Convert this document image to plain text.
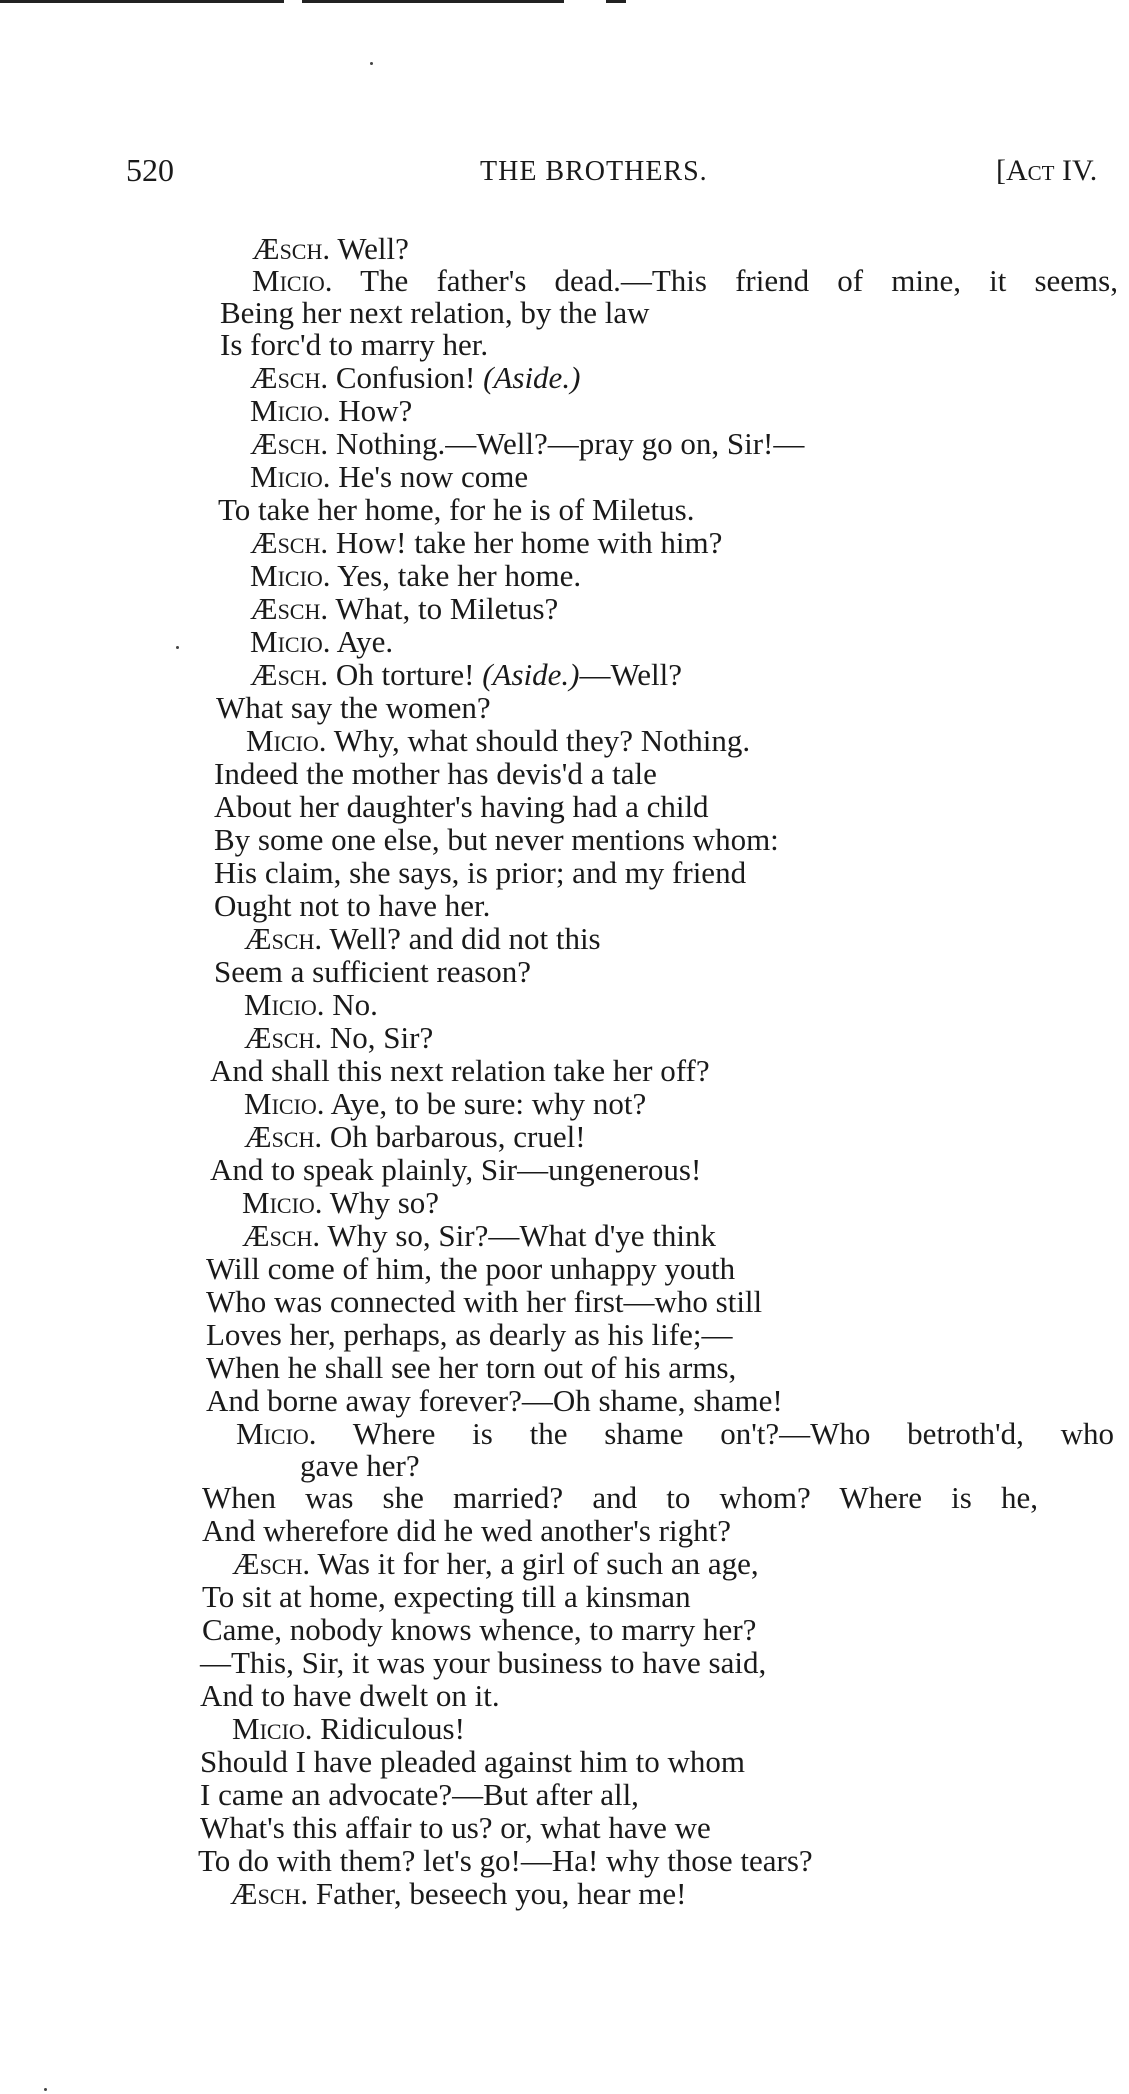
520	THE BROTHERS.	[Act IV.
Æsch. Well?
Micio. The father's dead.—This friend of mine, it seems,
Being her next relation, by the law
Is forc'd to marry her.
Æsch. Confusion! (Aside.)
Micio. How?
Æsch. Nothing.—Well?—pray go on, Sir!—
Micio. He's now come
To take her home, for he is of Miletus.
Æsch. How! take her home with him?
Micio. Yes, take her home.
Æsch. What, to Miletus?
Micio. Aye.
Æsch. Oh torture! (Aside.)—Well?
What say the women?
Micio. Why, what should they? Nothing.
Indeed the mother has devis'd a tale
About her daughter's having had a child
By some one else, but never mentions whom:
His claim, she says, is prior; and my friend
Ought not to have her.
Æsch. Well? and did not this
Seem a sufficient reason?
Micio. No.
Æsch. No, Sir?
And shall this next relation take her off?
Micio. Aye, to be sure: why not?
Æsch. Oh barbarous, cruel!
And to speak plainly, Sir—ungenerous!
Micio. Why so?
Æsch. Why so, Sir?—What d'ye think
Will come of him, the poor unhappy youth
Who was connected with her first—who still
Loves her, perhaps, as dearly as his life;—
When he shall see her torn out of his arms,
And borne away forever?—Oh shame, shame!
Micio. Where is the shame on't?—Who betroth'd, who
gave her?
When was she married? and to whom? Where is he,
And wherefore did he wed another's right?
Æsch. Was it for her, a girl of such an age,
To sit at home, expecting till a kinsman
Came, nobody knows whence, to marry her?
—This, Sir, it was your business to have said,
And to have dwelt on it.
Micio. Ridiculous!
Should I have pleaded against him to whom
I came an advocate?—But after all,
What's this affair to us? or, what have we
To do with them? let's go!—Ha! why those tears?
Æsch. Father, beseech you, hear me!
